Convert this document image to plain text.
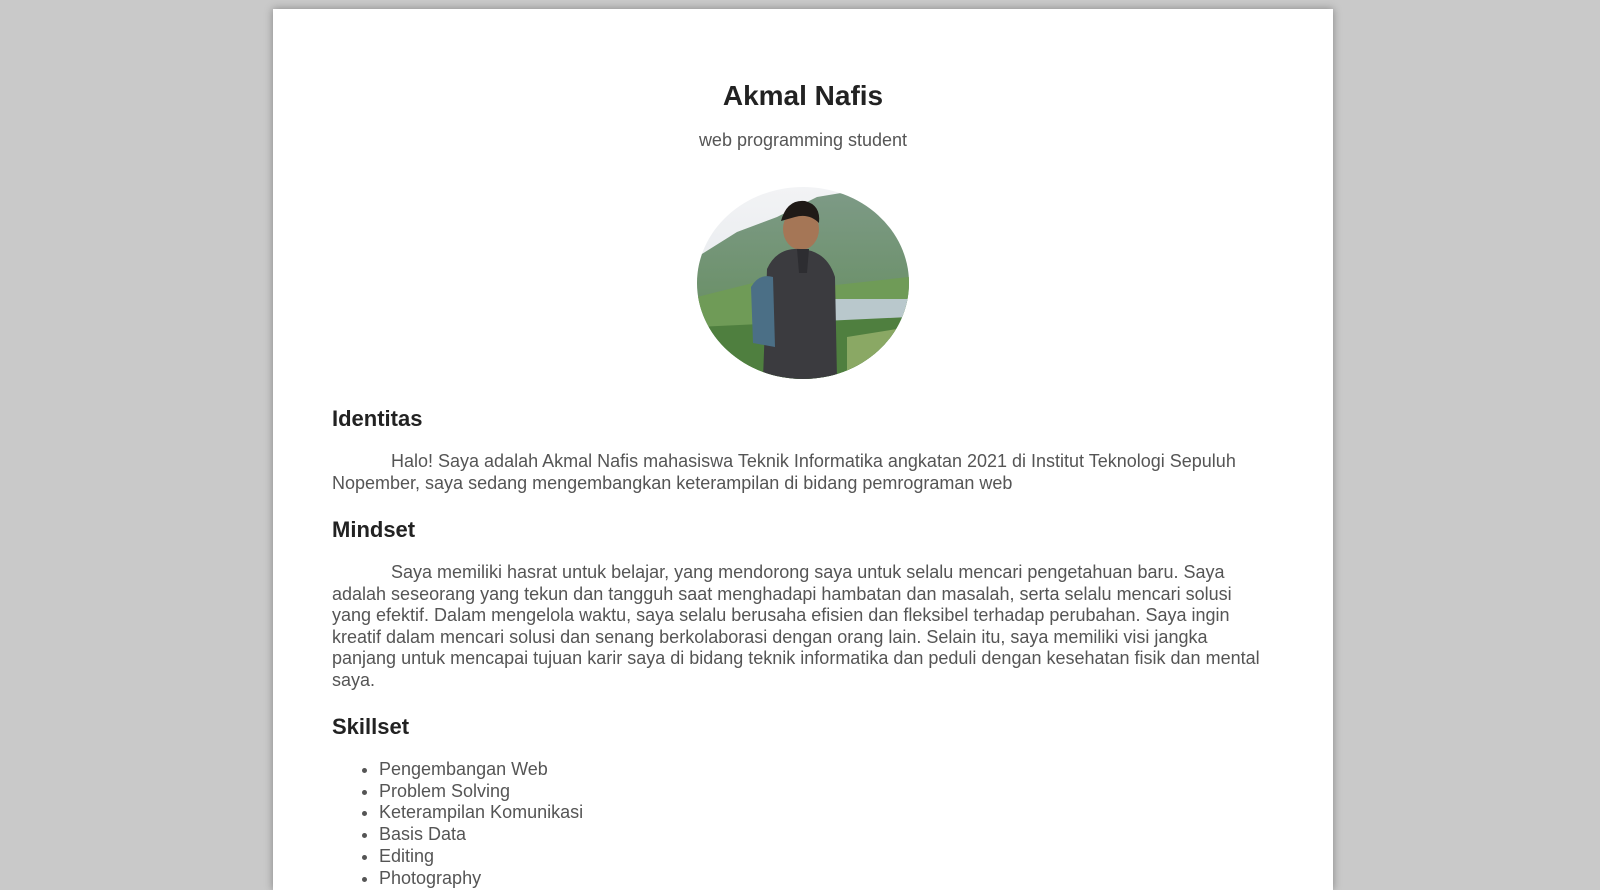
Akmal Nafis
web programming student
Identitas

Halo! Saya adalah Akmal Nafis mahasiswa Teknik Informatika angkatan 2021 di Institut Teknologi Sepuluh Nopember, saya sedang mengembangkan keterampilan di bidang pemrograman web

Mindset

Saya memiliki hasrat untuk belajar, yang mendorong saya untuk selalu mencari pengetahuan baru. Saya adalah seseorang yang tekun dan tangguh saat menghadapi hambatan dan masalah, serta selalu mencari solusi yang efektif. Dalam mengelola waktu, saya selalu berusaha efisien dan fleksibel terhadap perubahan. Saya ingin kreatif dalam mencari solusi dan senang berkolaborasi dengan orang lain. Selain itu, saya memiliki visi jangka panjang untuk mencapai tujuan karir saya di bidang teknik informatika dan peduli dengan kesehatan fisik dan mental saya.

Skillset
• Pengembangan Web
• Problem Solving
• Keterampilan Komunikasi
• Basis Data
• Editing
• Photography
